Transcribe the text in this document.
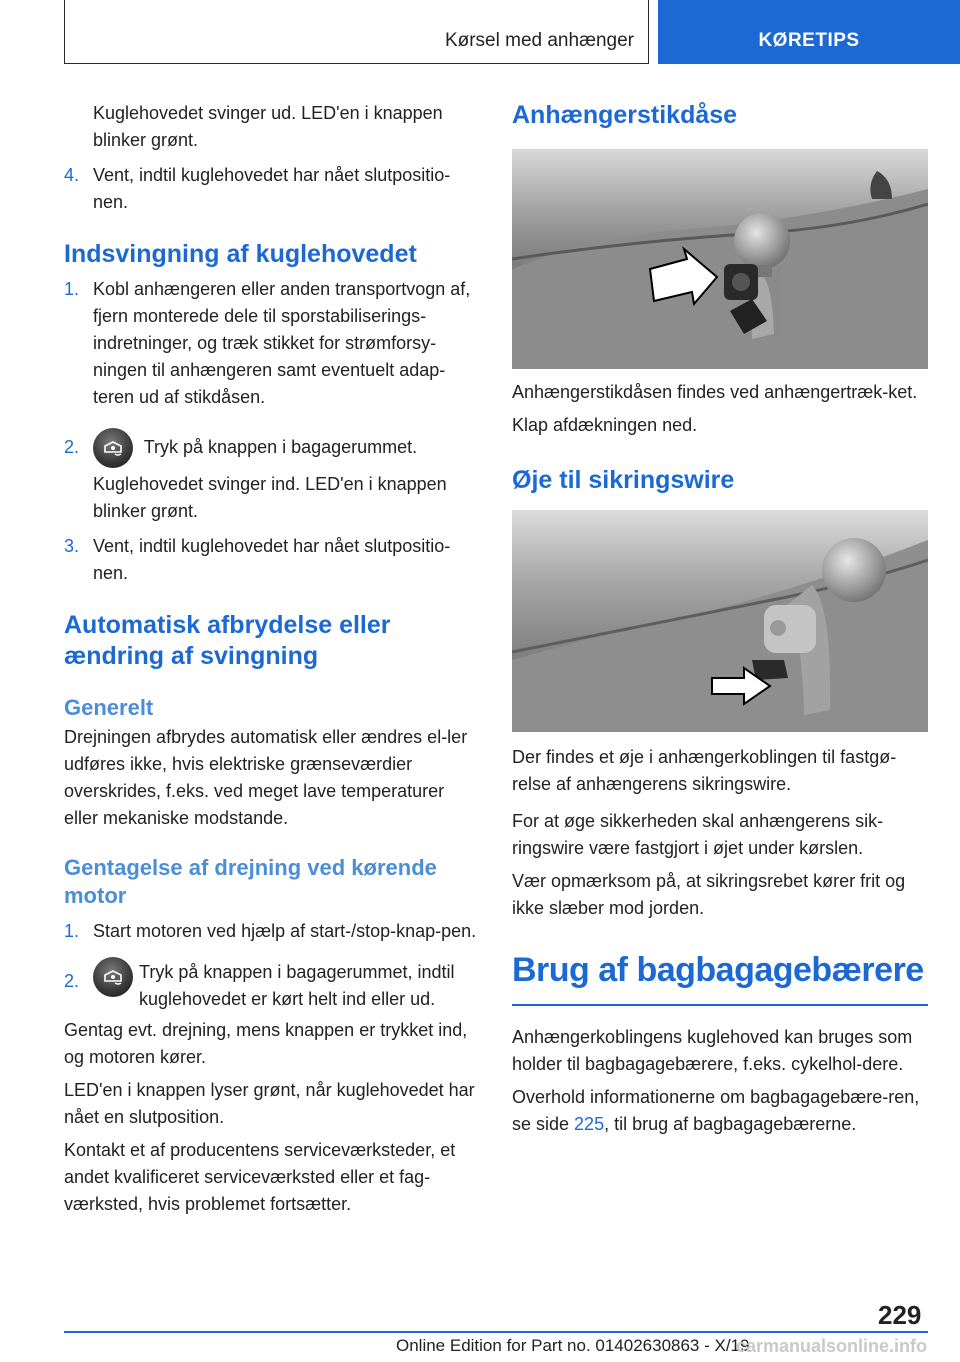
Kørsel med anhænger	KØRETIPS
Kuglehovedet svinger ud. LED'en i knappen blinker grønt.
4. Vent, indtil kuglehovedet har nået slutpositio‐nen.
Indsvingning af kuglehovedet
1. Kobl anhængeren eller anden transportvogn af, fjern monterede dele til sporstabiliserings‐indretninger, og træk stikket for strømforsy‐ningen til anhængeren samt eventuelt adap‐teren ud af stikdåsen.
2.	Tryk på knappen i bagagerummet.
Kuglehovedet svinger ind. LED'en i knappen blinker grønt.
3. Vent, indtil kuglehovedet har nået slutpositio‐nen.
Automatisk afbrydelse eller ændring af svingning
Generelt
Drejningen afbrydes automatisk eller ændres el‐ler udføres ikke, hvis elektriske grænseværdier overskrides, f.eks. ved meget lave temperaturer eller mekaniske modstande.
Gentagelse af drejning ved kørende motor
1. Start motoren ved hjælp af start-/stop-knap‐pen.
2.	Tryk på knappen i bagagerummet, indtil kuglehovedet er kørt helt ind eller ud.
Gentag evt. drejning, mens knappen er trykket ind, og motoren kører.
LED'en i knappen lyser grønt, når kuglehovedet har nået en slutposition.
Kontakt et af producentens serviceværksteder, et andet kvalificeret serviceværksted eller et fag‐værksted, hvis problemet fortsætter.
Anhængerstikdåse
Anhængerstikdåsen findes ved anhængertræk‐ket.
Klap afdækningen ned.
Øje til sikringswire
Der findes et øje i anhængerkoblingen til fastgø‐relse af anhængerens sikringswire.
For at øge sikkerheden skal anhængerens sik‐ringswire være fastgjort i øjet under kørslen.
Vær opmærksom på, at sikringsrebet kører frit og ikke slæber mod jorden.
Brug af bagbagagebærere
Anhængerkoblingens kuglehoved kan bruges som holder til bagbagagebærere, f.eks. cykelhol‐dere.
Overhold informationerne om bagbagagebære‐ren, se side 225, til brug af bagbagagebærerne.
229
Online Edition for Part no. 01402630863 - X/19
carmanualsonline.info
